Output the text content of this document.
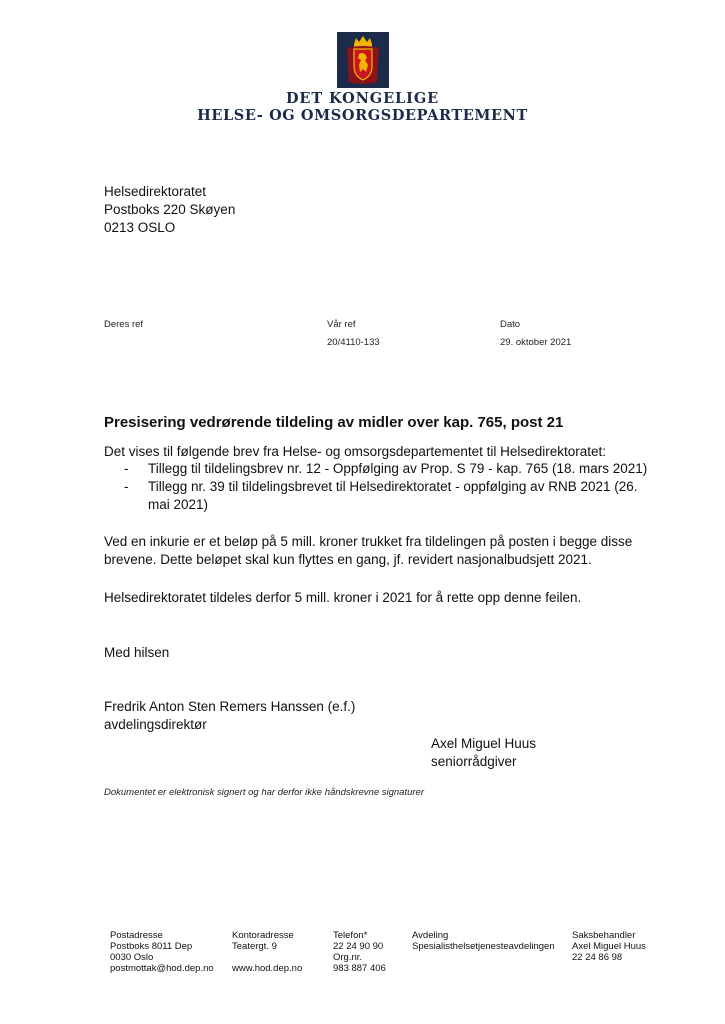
DET KONGELIGE
HELSE- OG OMSORGSDEPARTEMENT
Helsedirektoratet
Postboks 220 Skøyen
0213 OSLO
Deres ref	Vår ref
20/4110-133
Dato
29. oktober 2021
Presisering vedrørende tildeling av midler over kap. 765, post 21
Det vises til følgende brev fra Helse- og omsorgsdepartementet til Helsedirektoratet:
- Tillegg til tildelingsbrev nr. 12 - Oppfølging av Prop. S 79 - kap. 765 (18. mars 2021)
- Tillegg nr. 39 til tildelingsbrevet til Helsedirektoratet - oppfølging av RNB 2021 (26.
mai 2021)
Ved en inkurie er et beløp på 5 mill. kroner trukket fra tildelingen på posten i begge disse
brevene. Dette beløpet skal kun flyttes en gang, jf. revidert nasjonalbudsjett 2021.
Helsedirektoratet tildeles derfor 5 mill. kroner i 2021 for å rette opp denne feilen.
Med hilsen
Fredrik Anton Sten Remers Hanssen (e.f.)
avdelingsdirektør
Axel Miguel Huus
seniorrådgiver
Dokumentet er elektronisk signert og har derfor ikke håndskrevne signaturer
Postadresse
Postboks 8011 Dep
0030 Oslo
postmottak@hod.dep.no
Kontoradresse
Teatergt. 9
www.hod.dep.no
Telefon*
22 24 90 90
Org.nr.
983 887 406
Avdeling
Spesialisthelsetjenesteavdelingen
Saksbehandler
Axel Miguel Huus
22 24 86 98
